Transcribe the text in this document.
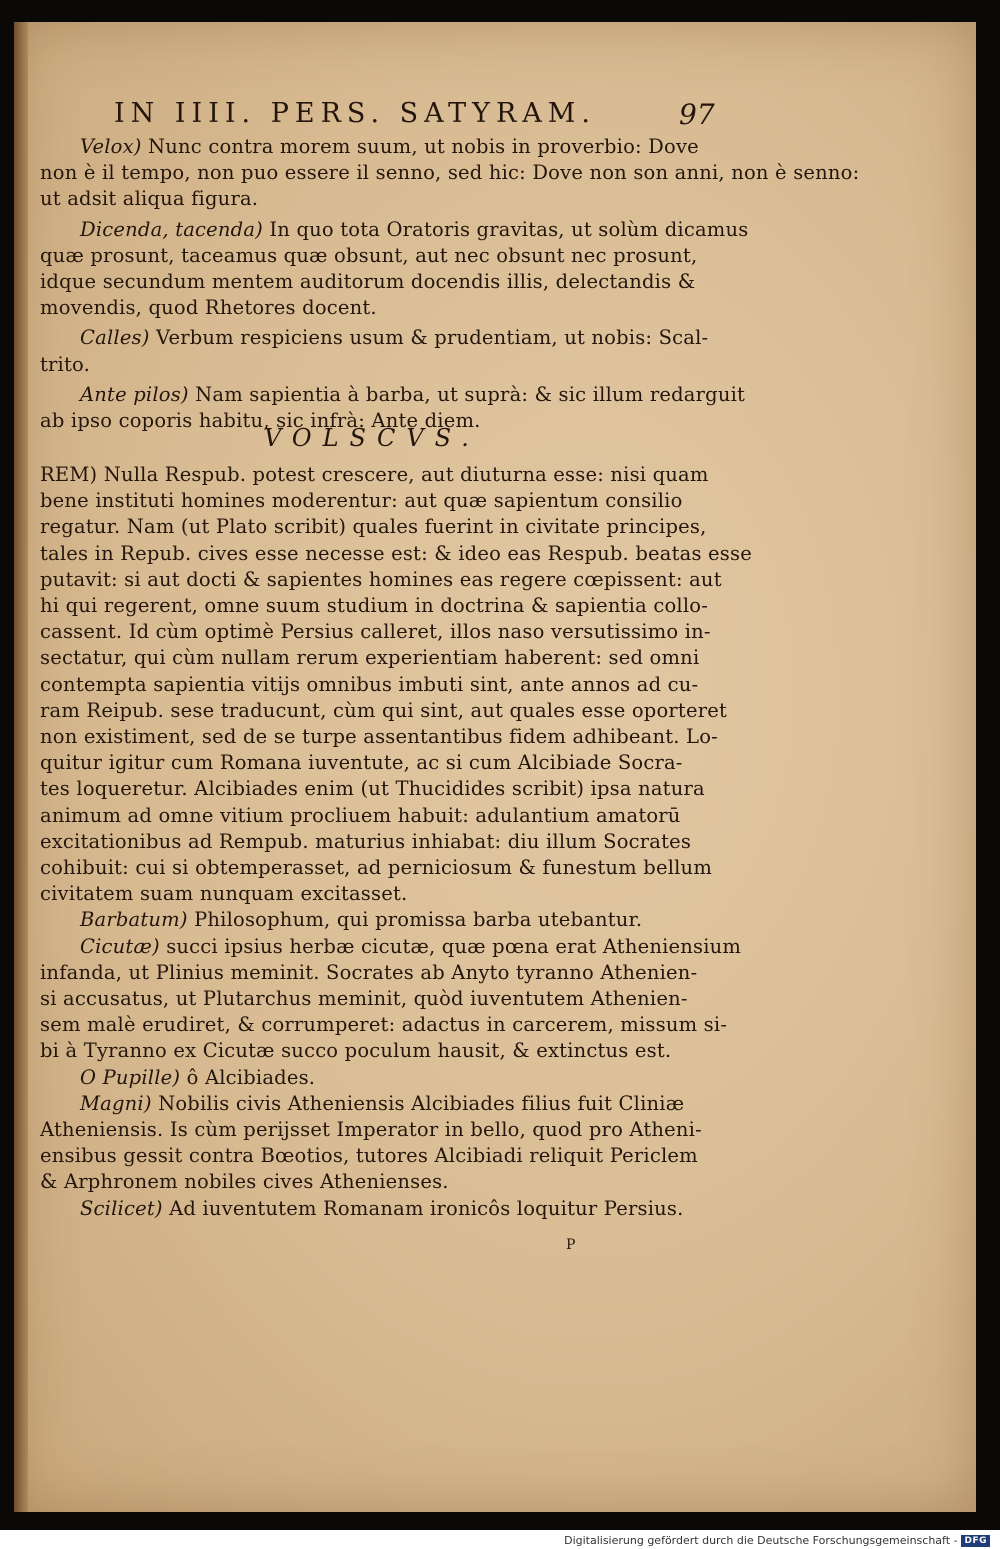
IN IIII. PERS. SATYRAM.	97
Velox) Nunc contra morem suum, ut nobis in proverbio: Dove
non è il tempo, non puo essere il senno, sed hic: Dove non son anni, non è senno:
ut adsit aliqua figura.
Dicenda, tacenda) In quo tota Oratoris gravitas, ut solùm dicamus
quæ prosunt, taceamus quæ obsunt, aut nec obsunt nec prosunt,
idque secundum mentem auditorum docendis illis, delectandis &
movendis, quod Rhetores docent.
Calles) Verbum respiciens usum & prudentiam, ut nobis: Scal-
trito.
Ante pilos) Nam sapientia à barba, ut suprà: & sic illum redarguit
ab ipso coporis habitu, sic infrà: Ante diem.
REM) Nulla Respub. potest crescere, aut diuturna esse: nisi quam
bene instituti homines moderentur: aut quæ sapientum consilio
regatur. Nam (ut Plato scribit) quales fuerint in civitate principes,
tales in Repub. cives esse necesse est: & ideo eas Respub. beatas esse
putavit: si aut docti & sapientes homines eas regere cœpissent: aut
hi qui regerent, omne suum studium in doctrina & sapientia collo-
cassent. Id cùm optimè Persius calleret, illos naso versutissimo in-
sectatur, qui cùm nullam rerum experientiam haberent: sed omni
contempta sapientia vitijs omnibus imbuti sint, ante annos ad cu-
ram Reipub. sese traducunt, cùm qui sint, aut quales esse oporteret
non existiment, sed de se turpe assentantibus fidem adhibeant. Lo-
quitur igitur cum Romana iuventute, ac si cum Alcibiade Socra-
tes loqueretur. Alcibiades enim (ut Thucidides scribit) ipsa natura
animum ad omne vitium procliuem habuit: adulantium amatorū
excitationibus ad Rempub. maturius inhiabat: diu illum Socrates
cohibuit: cui si obtemperasset, ad perniciosum & funestum bellum
civitatem suam nunquam excitasset.
Barbatum) Philosophum, qui promissa barba utebantur.
Cicutæ) succi ipsius herbæ cicutæ, quæ pœna erat Atheniensium
infanda, ut Plinius meminit. Socrates ab Anyto tyranno Athenien-
si accusatus, ut Plutarchus meminit, quòd iuventutem Athenien-
sem malè erudiret, & corrumperet: adactus in carcerem, missum si-
bi à Tyranno ex Cicutæ succo poculum hausit, & extinctus est.
O Pupille) ô Alcibiades.
Magni) Nobilis civis Atheniensis Alcibiades filius fuit Cliniæ
Atheniensis. Is cùm perijsset Imperator in bello, quod pro Atheni-
ensibus gessit contra Bœotios, tutores Alcibiadi reliquit Periclem
& Arphronem nobiles cives Athenienses.
Scilicet) Ad iuventutem Romanam ironicôs loquitur Persius.
VOLSCVS.
P
Digitalisierung gefördert durch die Deutsche Forschungsgemeinschaft - DFG
